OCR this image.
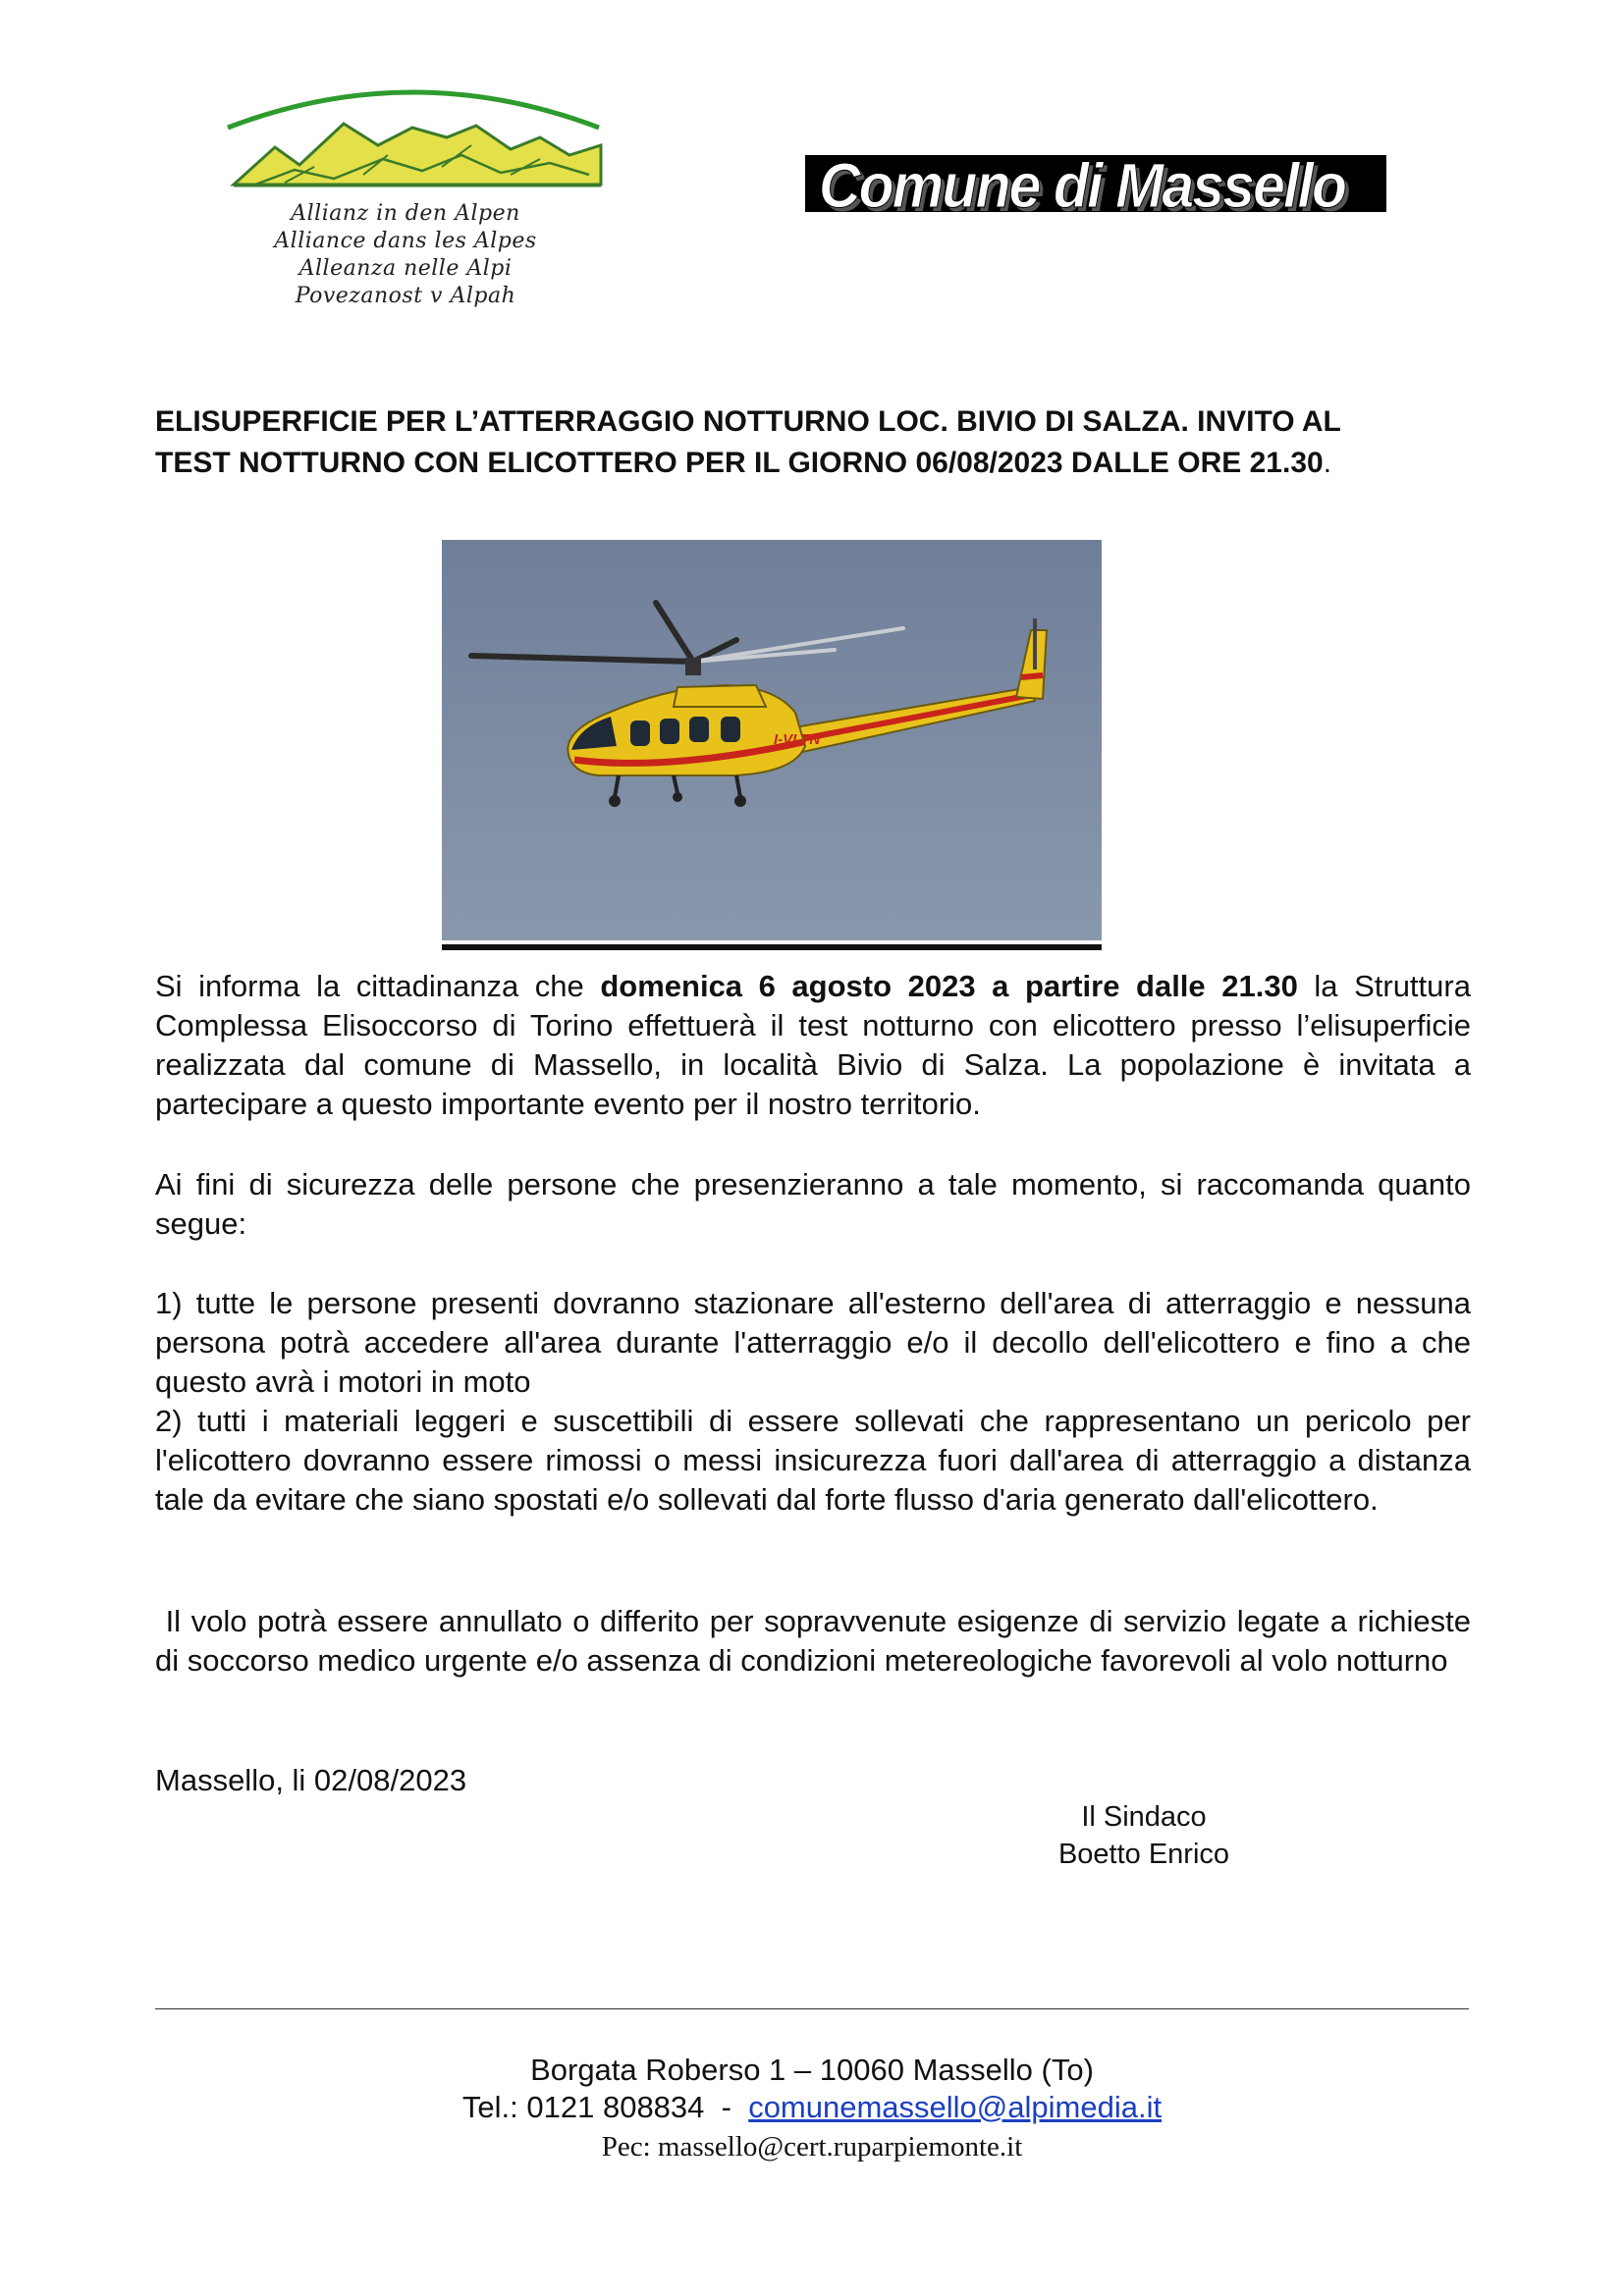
Allianz in den Alpen
Alliance dans les Alpes
Alleanza nelle Alpi
Povezanost v Alpah
Comune di Massello
ELISUPERFICIE PER L’ATTERRAGGIO NOTTURNO LOC. BIVIO DI SALZA. INVITO AL
TEST NOTTURNO CON ELICOTTERO PER IL GIORNO 06/08/2023 DALLE ORE 21.30.
I-VLTN
Si informa la cittadinanza che domenica 6 agosto 2023 a partire dalle 21.30 la Struttura Complessa Elisoccorso di Torino effettuerà il test notturno con elicottero presso l’elisuperficie realizzata dal comune di Massello, in località Bivio di Salza. La popolazione è invitata a partecipare a questo importante evento per il nostro territorio.
Ai fini di sicurezza delle persone che presenzieranno a tale momento, si raccomanda quanto segue:
1) tutte le persone presenti dovranno stazionare all'esterno dell'area di atterraggio e nessuna persona potrà accedere all'area durante l'atterraggio e/o il decollo dell'elicottero e fino a che questo avrà i motori in moto
2) tutti i materiali leggeri e suscettibili di essere sollevati che rappresentano un pericolo per l'elicottero dovranno essere rimossi o messi insicurezza fuori dall'area di atterraggio a distanza tale da evitare che siano spostati e/o sollevati dal forte flusso d'aria generato dall'elicottero.
Il volo potrà essere annullato o differito per sopravvenute esigenze di servizio legate a richieste di soccorso medico urgente e/o assenza di condizioni metereologiche favorevoli al volo notturno
Massello, li 02/08/2023
Il Sindaco
Boetto Enrico
Borgata Roberso 1 – 10060 Massello (To)
Tel.: 0121 808834  -  comunemassello@alpimedia.it
Pec: massello@cert.ruparpiemonte.it
